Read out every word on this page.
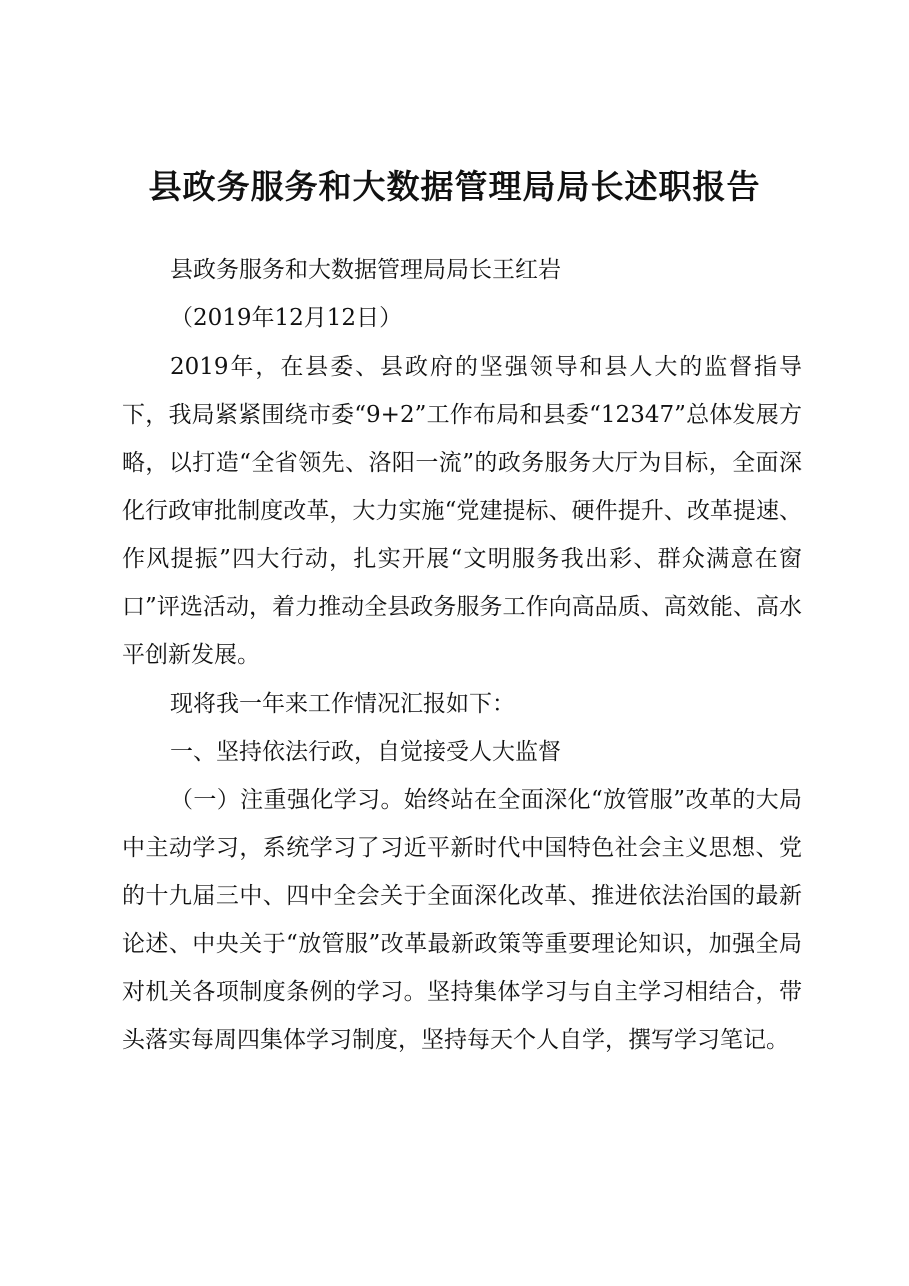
县政务服务和大数据管理局局长述职报告

县政务服务和大数据管理局局长王红岩

（2019年12月12日）

2019年，在县委、县政府的坚强领导和县人大的监督指导下，我局紧紧围绕市委“9+2”工作布局和县委“12347”总体发展方略，以打造“全省领先、洛阳一流”的政务服务大厅为目标，全面深化行政审批制度改革，大力实施“党建提标、硬件提升、改革提速、作风提振”四大行动，扎实开展“文明服务我出彩、群众满意在窗口”评选活动，着力推动全县政务服务工作向高品质、高效能、高水平创新发展。

现将我一年来工作情况汇报如下：

一、坚持依法行政，自觉接受人大监督

（一）注重强化学习。始终站在全面深化“放管服”改革的大局中主动学习，系统学习了习近平新时代中国特色社会主义思想、党的十九届三中、四中全会关于全面深化改革、推进依法治国的最新论述、中央关于“放管服”改革最新政策等重要理论知识，加强全局对机关各项制度条例的学习。坚持集体学习与自主学习相结合，带头落实每周四集体学习制度，坚持每天个人自学，撰写学习笔记。
